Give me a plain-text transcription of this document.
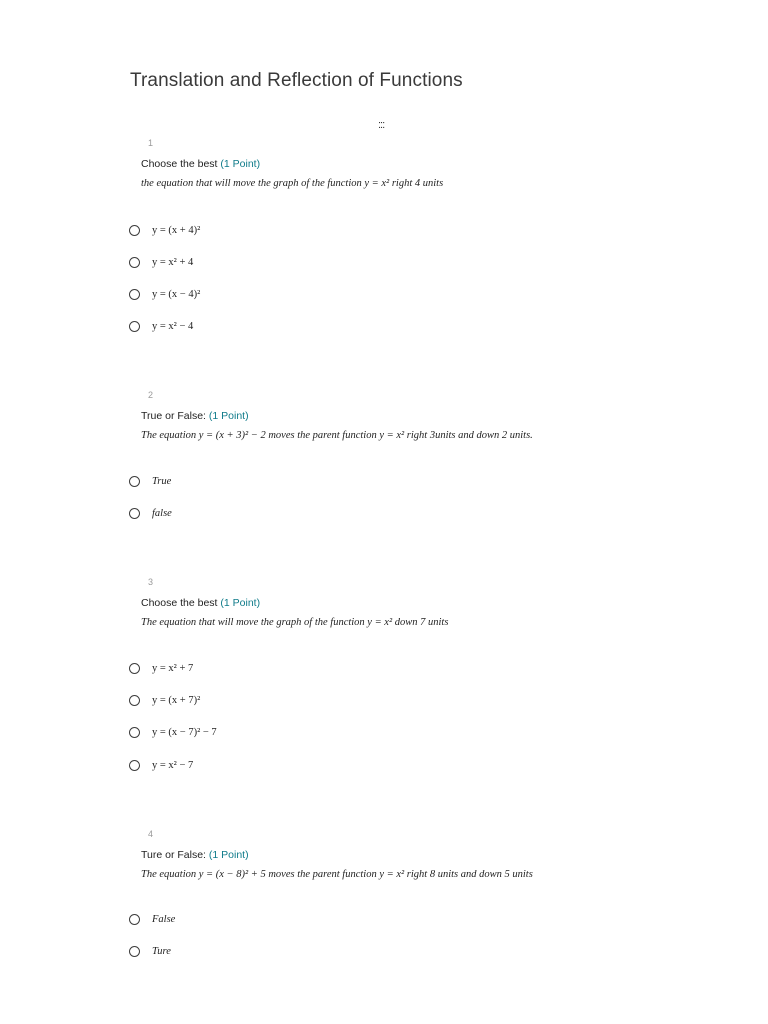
Translation and Reflection of Functions
:::
1
Choose the best (1 Point)
the equation that will move the graph of the function y = x² right 4 units
y = (x + 4)²
y = x² + 4
y = (x − 4)²
y = x² − 4
2
True or False: (1 Point)
The equation y = (x + 3)² − 2 moves the parent function y = x² right 3units and down 2 units.
True
false
3
Choose the best (1 Point)
The equation that will move the graph of the function y = x² down 7 units
y = x² + 7
y = (x + 7)²
y = (x − 7)² − 7
y = x² − 7
4
Ture or False: (1 Point)
The equation y = (x − 8)² + 5 moves the parent function y = x² right 8 units and down 5 units
False
Ture
